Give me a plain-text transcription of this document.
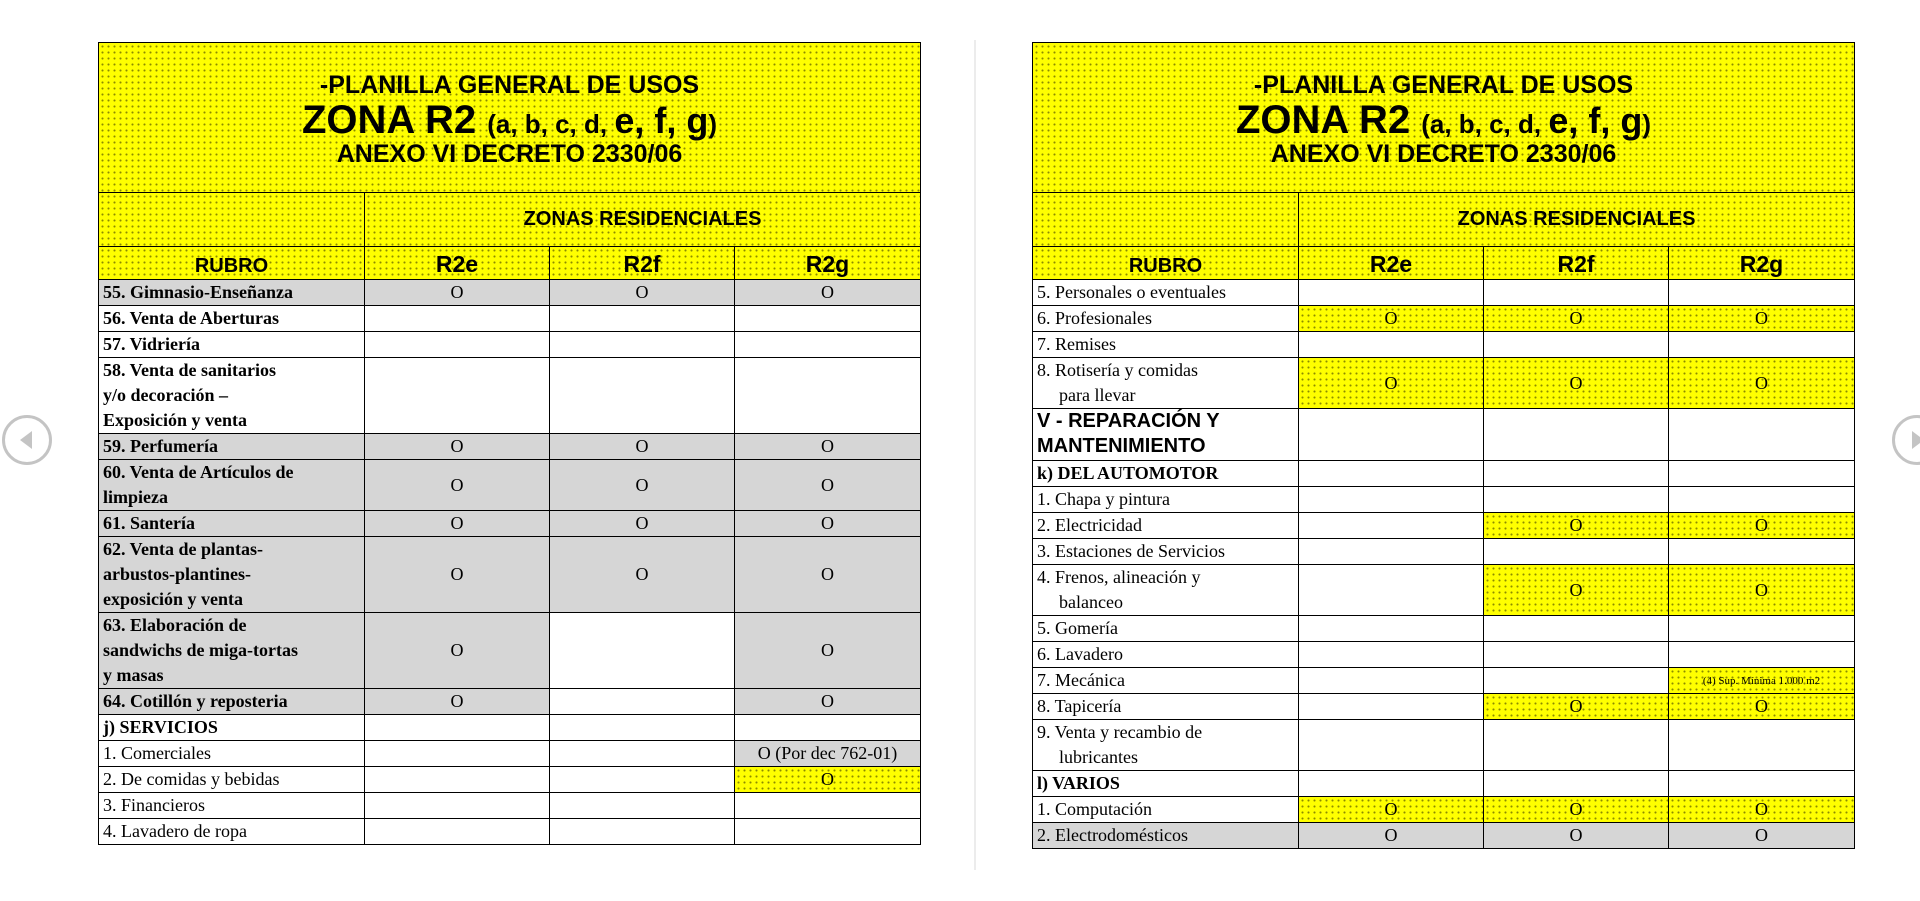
-PLANILLA GENERAL DE USOS
ZONA R2 (a, b, c, d, e, f, g)
ANEXO VI DECRETO 2330/06			

	ZONAS RESIDENCIALES		
RUBRO	R2e	R2f	R2g
55. Gimnasio-Enseñanza	O	O	O
56. Venta de Aberturas			
57. Vidriería			

58. Venta de sanitarios
y/o decoración –
Exposición y venta			

59. Perfumería	O	O	O

60. Venta de Artículos de
limpieza	O	O	O
61. Santería	O	O	O

62. Venta de plantas-
arbustos-plantines-
exposición y venta	O	O	O

63. Elaboración de
sandwichs de miga-tortas
y masas	O		O
64. Cotillón y reposteria	O		O
j) SERVICIOS			
1. Comerciales			O (Por dec 762-01)
2. De comidas y bebidas			O
3. Financieros			
4. Lavadero de ropa			
-PLANILLA GENERAL DE USOS
ZONA R2 (a, b, c, d, e, f, g)
ANEXO VI DECRETO 2330/06			

	ZONAS RESIDENCIALES		
RUBRO	R2e	R2f	R2g
5. Personales o eventuales			
6. Profesionales	O	O	O
7. Remises			

8. Rotisería y comidas
para llevar	O	O	O

V - REPARACIÓN Y
MANTENIMIENTO			

k) DEL AUTOMOTOR			
1. Chapa y pintura			
2. Electricidad		O	O
3. Estaciones de Servicios			

4. Frenos, alineación y
balanceo		O	O
5. Gomería			
6. Lavadero			
7. Mecánica			(4) Sup. Mínima 1.000 m2
8. Tapicería		O	O

9. Venta y recambio de
lubricantes			

l) VARIOS			
1. Computación	O	O	O
2. Electrodomésticos	O	O	O
